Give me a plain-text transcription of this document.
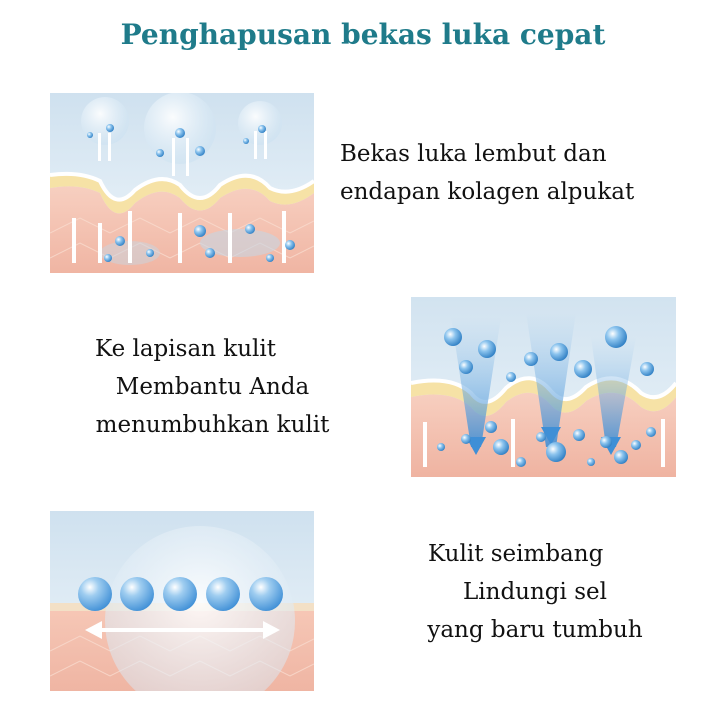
Penghapusan bekas luka cepat
Bekas luka lembut dan
endapan kolagen alpukat
Ke lapisan kulit
Membantu Anda
menumbuhkan kulit
Kulit seimbang
Lindungi sel
yang baru tumbuh
